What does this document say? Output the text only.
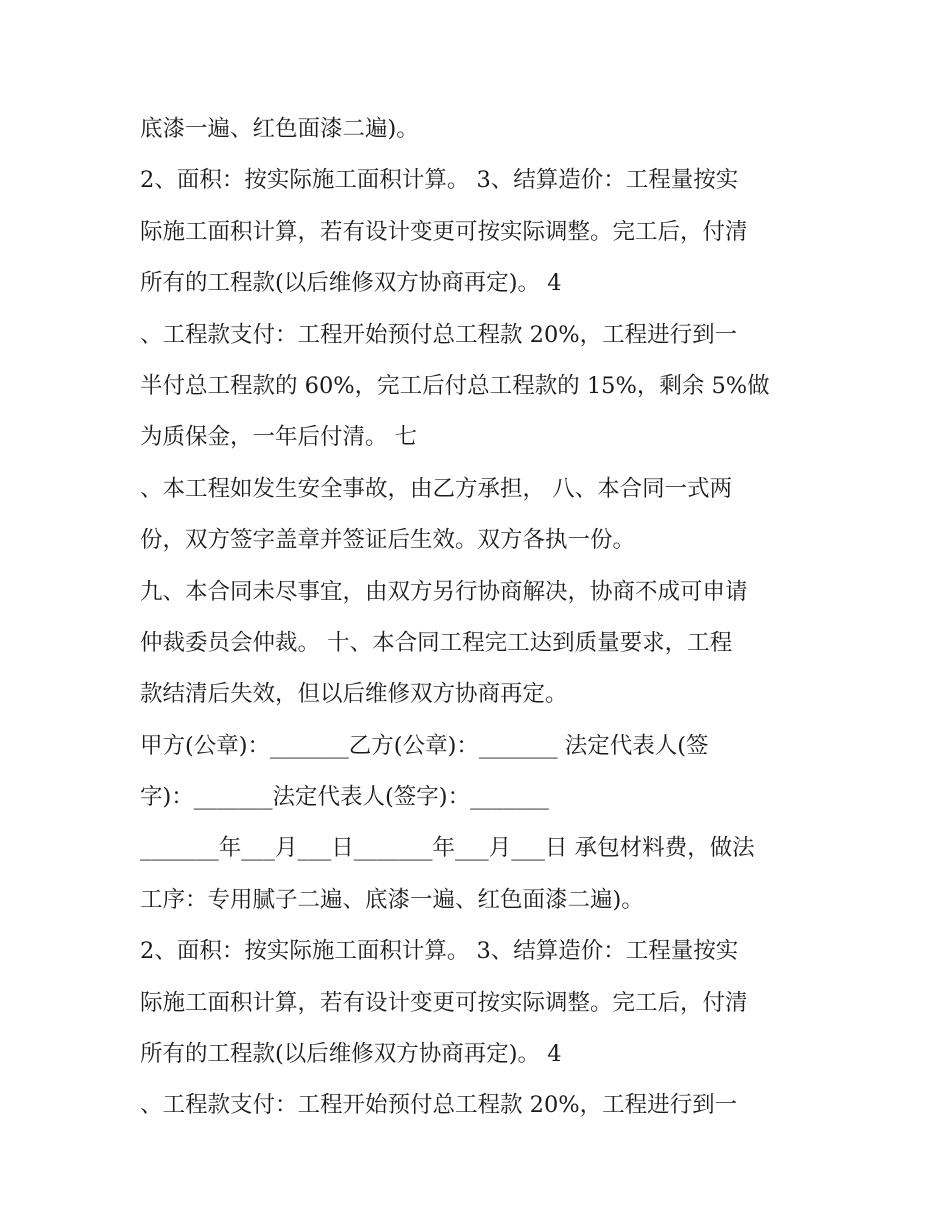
底漆一遍、红色面漆二遍)。
2、面积：按实际施工面积计算。 3、结算造价：工程量按实
际施工面积计算，若有设计变更可按实际调整。完工后，付清
所有的工程款(以后维修双方协商再定)。 4
、工程款支付：工程开始预付总工程款 20%，工程进行到一
半付总工程款的 60%，完工后付总工程款的 15%，剩余 5%做
为质保金，一年后付清。 七
、本工程如发生安全事故，由乙方承担， 八、本合同一式两
份，双方签字盖章并签证后生效。双方各执一份。
九、本合同未尽事宜，由双方另行协商解决，协商不成可申请
仲裁委员会仲裁。 十、本合同工程完工达到质量要求，工程
款结清后失效，但以后维修双方协商再定。
甲方(公章)：_______乙方(公章)：_______ 法定代表人(签
字)：_______法定代表人(签字)：_______
_______年___月___日_______年___月___日 承包材料费，做法
工序：专用腻子二遍、底漆一遍、红色面漆二遍)。
2、面积：按实际施工面积计算。 3、结算造价：工程量按实
际施工面积计算，若有设计变更可按实际调整。完工后，付清
所有的工程款(以后维修双方协商再定)。 4
、工程款支付：工程开始预付总工程款 20%，工程进行到一
